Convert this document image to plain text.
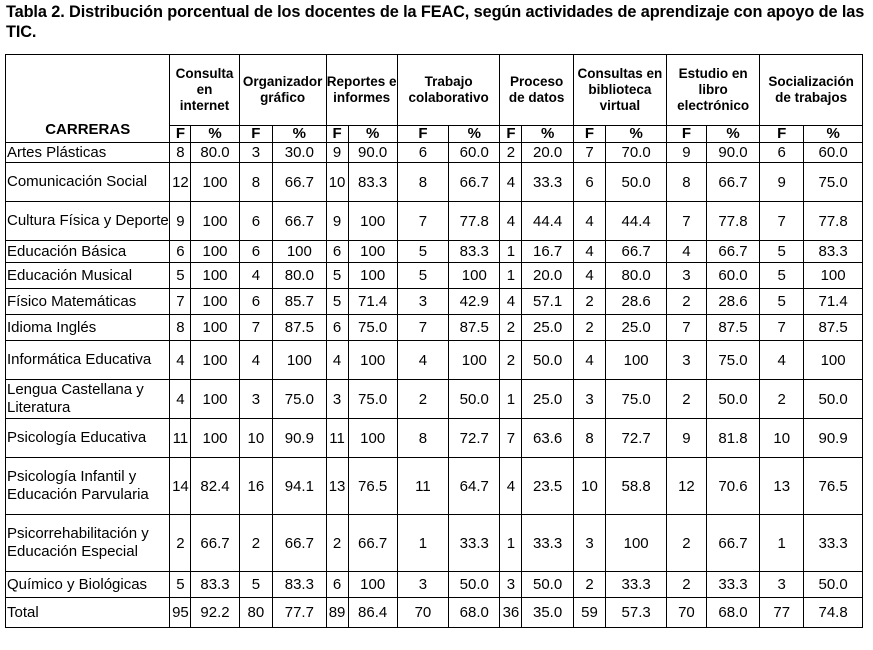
Tabla 2. Distribución porcentual de los docentes de la FEAC, según actividades de aprendizaje con apoyo de las TIC.
CARRERAS	Consulta en internet		Organizador gráfico		Reportes e informes		Trabajo colaborativo		Proceso de datos		Consultas en biblioteca virtual		Estudio en libro electrónico		Socialización de trabajos	
	F	%	F	%	F	%	F	%	F	%	F	%	F	%	F	%
Artes Plásticas	8	80.0	3	30.0	9	90.0	6	60.0	2	20.0	7	70.0	9	90.0	6	60.0
Comunicación Social	12	100	8	66.7	10	83.3	8	66.7	4	33.3	6	50.0	8	66.7	9	75.0
Cultura Física y Deporte	9	100	6	66.7	9	100	7	77.8	4	44.4	4	44.4	7	77.8	7	77.8
Educación Básica	6	100	6	100	6	100	5	83.3	1	16.7	4	66.7	4	66.7	5	83.3
Educación Musical	5	100	4	80.0	5	100	5	100	1	20.0	4	80.0	3	60.0	5	100
Físico Matemáticas	7	100	6	85.7	5	71.4	3	42.9	4	57.1	2	28.6	2	28.6	5	71.4
Idioma Inglés	8	100	7	87.5	6	75.0	7	87.5	2	25.0	2	25.0	7	87.5	7	87.5
Informática Educativa	4	100	4	100	4	100	4	100	2	50.0	4	100	3	75.0	4	100
Lengua Castellana y Literatura	4	100	3	75.0	3	75.0	2	50.0	1	25.0	3	75.0	2	50.0	2	50.0
Psicología Educativa	11	100	10	90.9	11	100	8	72.7	7	63.6	8	72.7	9	81.8	10	90.9
Psicología Infantil y Educación Parvularia	14	82.4	16	94.1	13	76.5	11	64.7	4	23.5	10	58.8	12	70.6	13	76.5
Psicorrehabilitación y Educación Especial	2	66.7	2	66.7	2	66.7	1	33.3	1	33.3	3	100	2	66.7	1	33.3
Químico y Biológicas	5	83.3	5	83.3	6	100	3	50.0	3	50.0	2	33.3	2	33.3	3	50.0
Total	95	92.2	80	77.7	89	86.4	70	68.0	36	35.0	59	57.3	70	68.0	77	74.8
